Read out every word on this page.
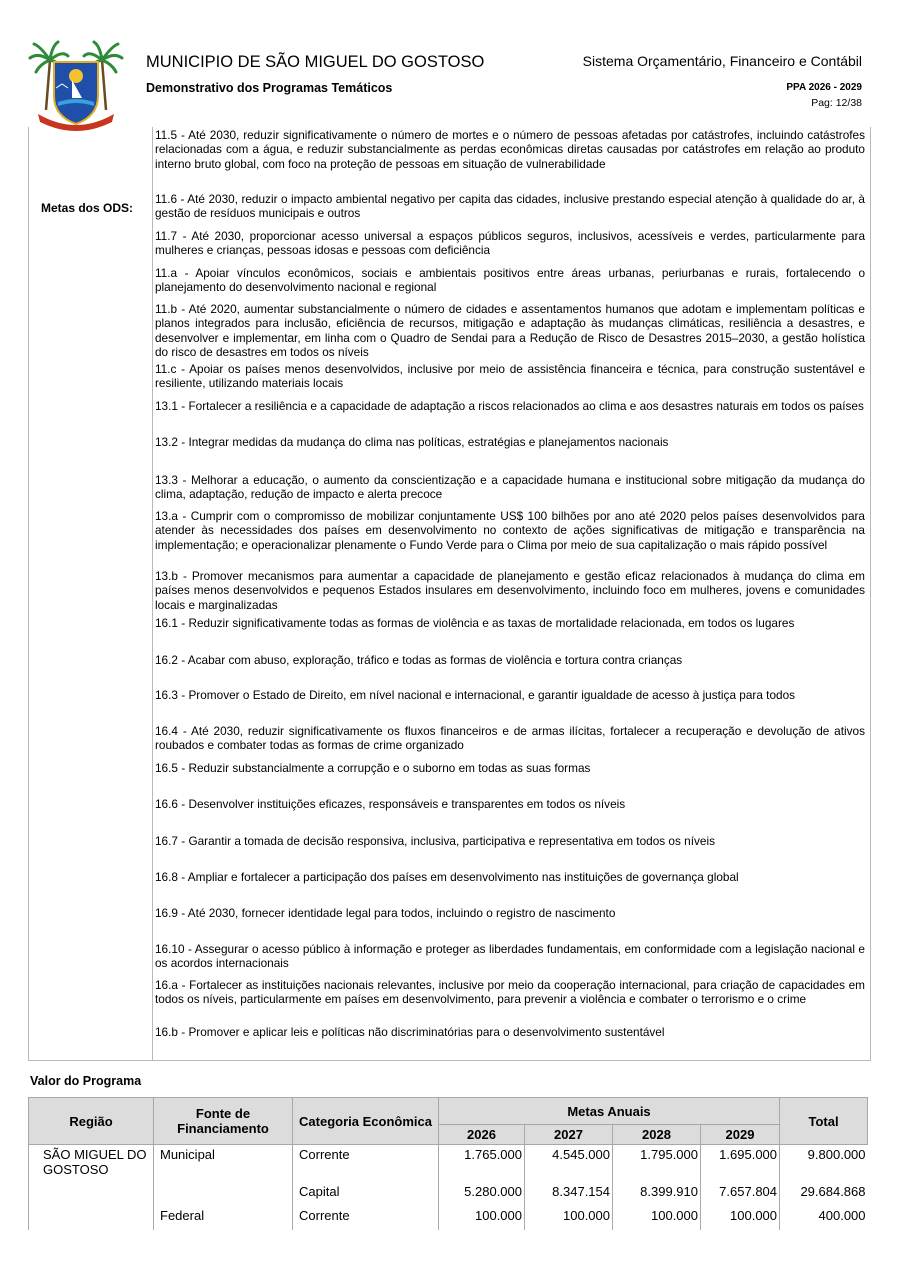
MUNICIPIO DE SÃO MIGUEL DO GOSTOSO
Demonstrativo dos Programas Temáticos
Sistema Orçamentário, Financeiro e Contábil
PPA 2026 - 2029
Pag: 12/38
Metas dos ODS:
11.5 - Até 2030, reduzir significativamente o número de mortes e o número de pessoas afetadas por catástrofes, incluindo catástrofes relacionadas com a água, e reduzir substancialmente as perdas econômicas diretas causadas por catástrofes em relação ao produto interno bruto global, com foco na proteção de pessoas em situação de vulnerabilidade
11.6 - Até 2030, reduzir o impacto ambiental negativo per capita das cidades, inclusive prestando especial atenção à qualidade do ar, à gestão de resíduos municipais e outros
11.7 - Até 2030, proporcionar acesso universal a espaços públicos seguros, inclusivos, acessíveis e verdes, particularmente para mulheres e crianças, pessoas idosas e pessoas com deficiência
11.a - Apoiar vínculos econômicos, sociais e ambientais positivos entre áreas urbanas, periurbanas e rurais, fortalecendo o planejamento do desenvolvimento nacional e regional
11.b - Até 2020, aumentar substancialmente o número de cidades e assentamentos humanos que adotam e implementam políticas e planos integrados para inclusão, eficiência de recursos, mitigação e adaptação às mudanças climáticas, resiliência a desastres, e desenvolver e implementar, em linha com o Quadro de Sendai para a Redução de Risco de Desastres 2015–2030, a gestão holística do risco de desastres em todos os níveis
11.c - Apoiar os países menos desenvolvidos, inclusive por meio de assistência financeira e técnica, para construção sustentável e resiliente, utilizando materiais locais
13.1 - Fortalecer a resiliência e a capacidade de adaptação a riscos relacionados ao clima e aos desastres naturais em todos os países
13.2 - Integrar medidas da mudança do clima nas políticas, estratégias e planejamentos nacionais
13.3 - Melhorar a educação, o aumento da conscientização e a capacidade humana e institucional sobre mitigação da mudança do clima, adaptação, redução de impacto e alerta precoce
13.a - Cumprir com o compromisso de mobilizar conjuntamente US$ 100 bilhões por ano até 2020 pelos países desenvolvidos para atender às necessidades dos países em desenvolvimento no contexto de ações significativas de mitigação e transparência na implementação; e operacionalizar plenamente o Fundo Verde para o Clima por meio de sua capitalização o mais rápido possível
13.b - Promover mecanismos para aumentar a capacidade de planejamento e gestão eficaz relacionados à mudança do clima em países menos desenvolvidos e pequenos Estados insulares em desenvolvimento, incluindo foco em mulheres, jovens e comunidades locais e marginalizadas
16.1 - Reduzir significativamente todas as formas de violência e as taxas de mortalidade relacionada, em todos os lugares
16.2 - Acabar com abuso, exploração, tráfico e todas as formas de violência e tortura contra crianças
16.3 - Promover o Estado de Direito, em nível nacional e internacional, e garantir igualdade de acesso à justiça para todos
16.4 - Até 2030, reduzir significativamente os fluxos financeiros e de armas ilícitas, fortalecer a recuperação e devolução de ativos roubados e combater todas as formas de crime organizado
16.5 - Reduzir substancialmente a corrupção e o suborno em todas as suas formas
16.6 - Desenvolver instituições eficazes, responsáveis e transparentes em todos os níveis
16.7 - Garantir a tomada de decisão responsiva, inclusiva, participativa e representativa em todos os níveis
16.8 - Ampliar e fortalecer a participação dos países em desenvolvimento nas instituições de governança global
16.9 - Até 2030, fornecer identidade legal para todos, incluindo o registro de nascimento
16.10 - Assegurar o acesso público à informação e proteger as liberdades fundamentais, em conformidade com a legislação nacional e os acordos internacionais
16.a - Fortalecer as instituições nacionais relevantes, inclusive por meio da cooperação internacional, para criação de capacidades em todos os níveis, particularmente em países em desenvolvimento, para prevenir a violência e combater o terrorismo e o crime
16.b - Promover e aplicar leis e políticas não discriminatórias para o desenvolvimento sustentável
Valor do Programa
Região	Fonte de Financiamento	Categoria Econômica	Metas Anuais				Total
			2026	2027	2028	2029	
SÃO MIGUEL DO GOSTOSO	Municipal	Corrente	1.765.000	4.545.000	1.795.000	1.695.000	9.800.000
		Capital	5.280.000	8.347.154	8.399.910	7.657.804	29.684.868
	Federal	Corrente	100.000	100.000	100.000	100.000	400.000
